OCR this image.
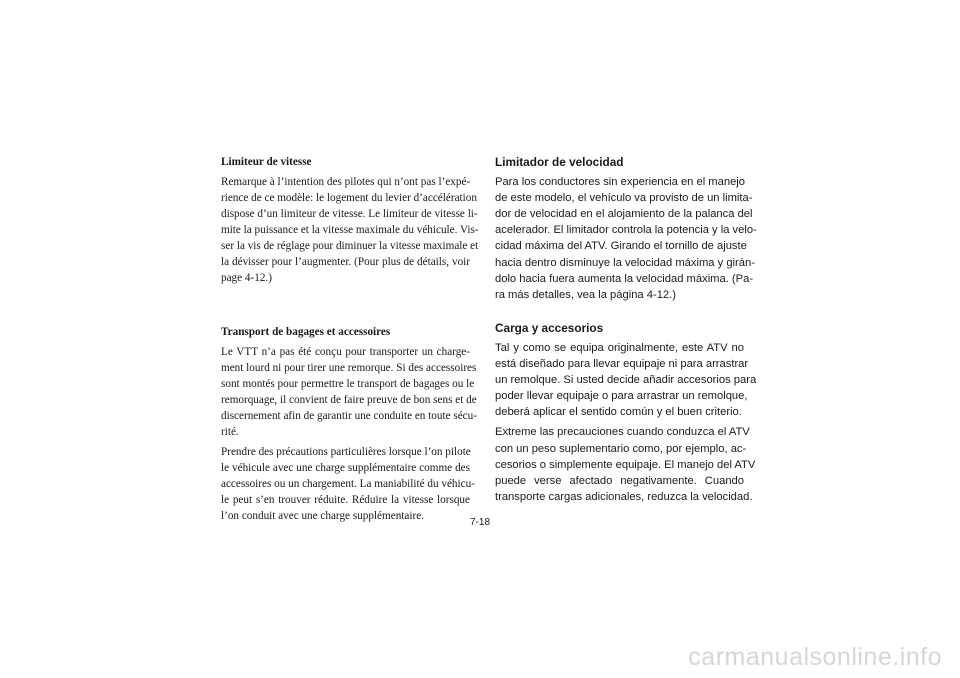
Limiteur de vitesse
Remarque à l’intention des pilotes qui n’ont pas l’expé-
rience de ce modèle: le logement du levier d’accélération
dispose d’un limiteur de vitesse. Le limiteur de vitesse li-
mite la puissance et la vitesse maximale du véhicule. Vis-
ser la vis de réglage pour diminuer la vitesse maximale et
la dévisser pour l’augmenter. (Pour plus de détails, voir
page 4-12.)
Transport de bagages et accessoires
Le VTT n’a pas été conçu pour transporter un charge-
ment lourd ni pour tirer une remorque. Si des accessoires
sont montés pour permettre le transport de bagages ou le
remorquage, il convient de faire preuve de bon sens et de
discernement afin de garantir une conduite en toute sécu-
rité.
Prendre des précautions particulières lorsque l’on pilote
le véhicule avec une charge supplémentaire comme des
accessoires ou un chargement. La maniabilité du véhicu-
le peut s’en trouver réduite. Réduire la vitesse lorsque
l’on conduit avec une charge supplémentaire.
Limitador de velocidad
Para los conductores sin experiencia en el manejo
de este modelo, el vehículo va provisto de un limita-
dor de velocidad en el alojamiento de la palanca del
acelerador. El limitador controla la potencia y la velo-
cidad máxima del ATV. Girando el tornillo de ajuste
hacia dentro disminuye la velocidad máxima y girán-
dolo hacia fuera aumenta la velocidad máxima. (Pa-
ra más detalles, vea la página 4-12.)
Carga y accesorios
Tal y como se equipa originalmente, este ATV no
está diseñado para llevar equipaje ni para arrastrar
un remolque. Si usted decide añadir accesorios para
poder llevar equipaje o para arrastrar un remolque,
deberá aplicar el sentido común y el buen criterio.
Extreme las precauciones cuando conduzca el ATV
con un peso suplementario como, por ejemplo, ac-
cesorios o simplemente equipaje. El manejo del ATV
puede verse afectado negativamente. Cuando
transporte cargas adicionales, reduzca la velocidad.
7-18
carmanualsonline.info
